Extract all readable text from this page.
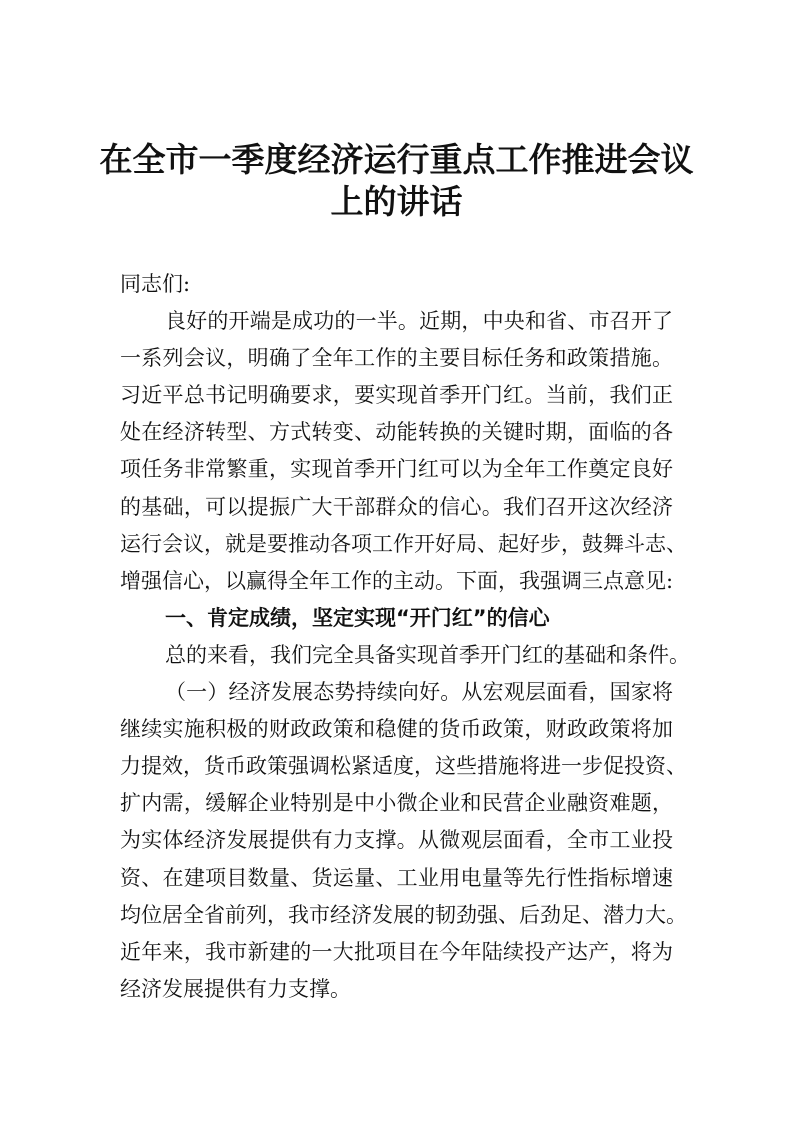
在全市一季度经济运行重点工作推进会议
上的讲话
同志们:
良好的开端是成功的一半。近期，中央和省、市召开了
一系列会议，明确了全年工作的主要目标任务和政策措施。
习近平总书记明确要求，要实现首季开门红。当前，我们正
处在经济转型、方式转变、动能转换的关键时期，面临的各
项任务非常繁重，实现首季开门红可以为全年工作奠定良好
的基础，可以提振广大干部群众的信心。我们召开这次经济
运行会议，就是要推动各项工作开好局、起好步，鼓舞斗志、
增强信心，以赢得全年工作的主动。下面，我强调三点意见:
一、肯定成绩，坚定实现“开门红”的信心
总的来看，我们完全具备实现首季开门红的基础和条件。
（一）经济发展态势持续向好。从宏观层面看，国家将
继续实施积极的财政政策和稳健的货币政策，财政政策将加
力提效，货币政策强调松紧适度，这些措施将进一步促投资、
扩内需，缓解企业特别是中小微企业和民营企业融资难题，
为实体经济发展提供有力支撑。从微观层面看，全市工业投
资、在建项目数量、货运量、工业用电量等先行性指标增速
均位居全省前列，我市经济发展的韧劲强、后劲足、潜力大。
近年来，我市新建的一大批项目在今年陆续投产达产，将为
经济发展提供有力支撑。
